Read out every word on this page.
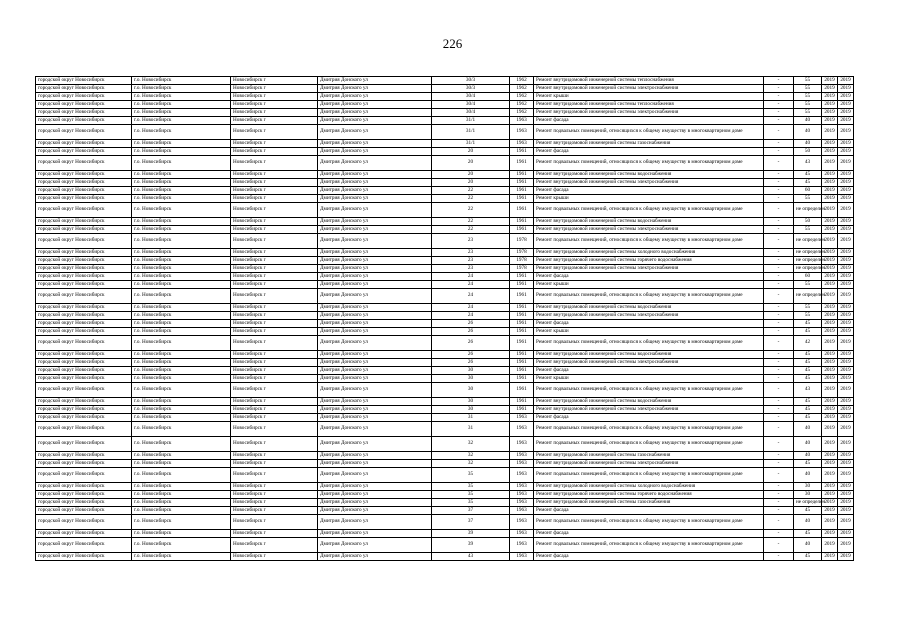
226
городской округ Новосибирск	г.о. Новосибирск	Новосибирск г	Дмитрия Донского ул	30/3	1962	Ремонт внутридомовой инженерной системы теплоснабжения	-	55	2019	2019
городской округ Новосибирск	г.о. Новосибирск	Новосибирск г	Дмитрия Донского ул	30/3	1962	Ремонт внутридомовой инженерной системы электроснабжения	-	55	2019	2019
городской округ Новосибирск	г.о. Новосибирск	Новосибирск г	Дмитрия Донского ул	30/4	1962	Ремонт крыши	-	55	2019	2019
городской округ Новосибирск	г.о. Новосибирск	Новосибирск г	Дмитрия Донского ул	30/4	1962	Ремонт внутридомовой инженерной системы теплоснабжения	-	55	2019	2019
городской округ Новосибирск	г.о. Новосибирск	Новосибирск г	Дмитрия Донского ул	30/4	1962	Ремонт внутридомовой инженерной системы электроснабжения	-	55	2019	2019
городской округ Новосибирск	г.о. Новосибирск	Новосибирск г	Дмитрия Донского ул	31/1	1963	Ремонт фасада	-	40	2019	2019
городской округ Новосибирск	г.о. Новосибирск	Новосибирск г	Дмитрия Донского ул	31/1	1963	Ремонт подвальных помещений, относящихся к общему имуществу в многоквартирном доме	-	40	2019	2019
городской округ Новосибирск	г.о. Новосибирск	Новосибирск г	Дмитрия Донского ул	31/1	1963	Ремонт внутридомовой инженерной системы газоснабжения	-	40	2019	2019
городской округ Новосибирск	г.о. Новосибирск	Новосибирск г	Дмитрия Донского ул	20	1961	Ремонт фасада	-	50	2019	2019
городской округ Новосибирск	г.о. Новосибирск	Новосибирск г	Дмитрия Донского ул	20	1961	Ремонт подвальных помещений, относящихся к общему имуществу в многоквартирном доме	-	43	2019	2019
городской округ Новосибирск	г.о. Новосибирск	Новосибирск г	Дмитрия Донского ул	20	1961	Ремонт внутридомовой инженерной системы водоснабжения	-	45	2019	2019
городской округ Новосибирск	г.о. Новосибирск	Новосибирск г	Дмитрия Донского ул	20	1961	Ремонт внутридомовой инженерной системы электроснабжения	-	45	2019	2019
городской округ Новосибирск	г.о. Новосибирск	Новосибирск г	Дмитрия Донского ул	22	1961	Ремонт фасада	-	60	2019	2019
городской округ Новосибирск	г.о. Новосибирск	Новосибирск г	Дмитрия Донского ул	22	1961	Ремонт крыши	-	55	2019	2019
городской округ Новосибирск	г.о. Новосибирск	Новосибирск г	Дмитрия Донского ул	22	1961	Ремонт подвальных помещений, относящихся к общему имуществу в многоквартирном доме	-	не определен	2019	2019
городской округ Новосибирск	г.о. Новосибирск	Новосибирск г	Дмитрия Донского ул	22	1961	Ремонт внутридомовой инженерной системы водоснабжения	-	50	2019	2019
городской округ Новосибирск	г.о. Новосибирск	Новосибирск г	Дмитрия Донского ул	22	1961	Ремонт внутридомовой инженерной системы электроснабжения	-	55	2019	2019
городской округ Новосибирск	г.о. Новосибирск	Новосибирск г	Дмитрия Донского ул	23	1978	Ремонт подвальных помещений, относящихся к общему имуществу в многоквартирном доме	-	не определен	2019	2019
городской округ Новосибирск	г.о. Новосибирск	Новосибирск г	Дмитрия Донского ул	23	1978	Ремонт внутридомовой инженерной системы холодного водоснабжения	-	не определен	2019	2019
городской округ Новосибирск	г.о. Новосибирск	Новосибирск г	Дмитрия Донского ул	23	1978	Ремонт внутридомовой инженерной системы горячего водоснабжения	-	не определен	2019	2019
городской округ Новосибирск	г.о. Новосибирск	Новосибирск г	Дмитрия Донского ул	23	1978	Ремонт внутридомовой инженерной системы электроснабжения	-	не определен	2019	2019
городской округ Новосибирск	г.о. Новосибирск	Новосибирск г	Дмитрия Донского ул	24	1961	Ремонт фасада	-	60	2019	2019
городской округ Новосибирск	г.о. Новосибирск	Новосибирск г	Дмитрия Донского ул	24	1961	Ремонт крыши	-	55	2019	2019
городской округ Новосибирск	г.о. Новосибирск	Новосибирск г	Дмитрия Донского ул	24	1961	Ремонт подвальных помещений, относящихся к общему имуществу в многоквартирном доме	-	не определен	2019	2019
городской округ Новосибирск	г.о. Новосибирск	Новосибирск г	Дмитрия Донского ул	24	1961	Ремонт внутридомовой инженерной системы водоснабжения	-	55	2019	2019
городской округ Новосибирск	г.о. Новосибирск	Новосибирск г	Дмитрия Донского ул	24	1961	Ремонт внутридомовой инженерной системы электроснабжения	-	55	2019	2019
городской округ Новосибирск	г.о. Новосибирск	Новосибирск г	Дмитрия Донского ул	26	1961	Ремонт фасада	-	45	2019	2019
городской округ Новосибирск	г.о. Новосибирск	Новосибирск г	Дмитрия Донского ул	26	1961	Ремонт крыши	-	45	2019	2019
городской округ Новосибирск	г.о. Новосибирск	Новосибирск г	Дмитрия Донского ул	26	1961	Ремонт подвальных помещений, относящихся к общему имуществу в многоквартирном доме	-	42	2019	2019
городской округ Новосибирск	г.о. Новосибирск	Новосибирск г	Дмитрия Донского ул	26	1961	Ремонт внутридомовой инженерной системы водоснабжения	-	45	2019	2019
городской округ Новосибирск	г.о. Новосибирск	Новосибирск г	Дмитрия Донского ул	26	1961	Ремонт внутридомовой инженерной системы электроснабжения	-	45	2019	2019
городской округ Новосибирск	г.о. Новосибирск	Новосибирск г	Дмитрия Донского ул	30	1961	Ремонт фасада	-	45	2019	2019
городской округ Новосибирск	г.о. Новосибирск	Новосибирск г	Дмитрия Донского ул	30	1961	Ремонт крыши	-	45	2019	2019
городской округ Новосибирск	г.о. Новосибирск	Новосибирск г	Дмитрия Донского ул	30	1961	Ремонт подвальных помещений, относящихся к общему имуществу в многоквартирном доме	-	43	2019	2019
городской округ Новосибирск	г.о. Новосибирск	Новосибирск г	Дмитрия Донского ул	30	1961	Ремонт внутридомовой инженерной системы водоснабжения	-	45	2019	2019
городской округ Новосибирск	г.о. Новосибирск	Новосибирск г	Дмитрия Донского ул	30	1961	Ремонт внутридомовой инженерной системы электроснабжения	-	45	2019	2019
городской округ Новосибирск	г.о. Новосибирск	Новосибирск г	Дмитрия Донского ул	31	1963	Ремонт фасада	-	45	2019	2019
городской округ Новосибирск	г.о. Новосибирск	Новосибирск г	Дмитрия Донского ул	31	1963	Ремонт подвальных помещений, относящихся к общему имуществу в многоквартирном доме	-	40	2019	2019
городской округ Новосибирск	г.о. Новосибирск	Новосибирск г	Дмитрия Донского ул	32	1963	Ремонт подвальных помещений, относящихся к общему имуществу в многоквартирном доме	-	40	2019	2019
городской округ Новосибирск	г.о. Новосибирск	Новосибирск г	Дмитрия Донского ул	32	1963	Ремонт внутридомовой инженерной системы газоснабжения	-	40	2019	2019
городской округ Новосибирск	г.о. Новосибирск	Новосибирск г	Дмитрия Донского ул	32	1963	Ремонт внутридомовой инженерной системы электроснабжения	-	45	2019	2019
городской округ Новосибирск	г.о. Новосибирск	Новосибирск г	Дмитрия Донского ул	35	1963	Ремонт подвальных помещений, относящихся к общему имуществу в многоквартирном доме	-	40	2019	2019
городской округ Новосибирск	г.о. Новосибирск	Новосибирск г	Дмитрия Донского ул	35	1963	Ремонт внутридомовой инженерной системы холодного водоснабжения	-	30	2019	2019
городской округ Новосибирск	г.о. Новосибирск	Новосибирск г	Дмитрия Донского ул	35	1963	Ремонт внутридомовой инженерной системы горячего водоснабжения	-	30	2019	2019
городской округ Новосибирск	г.о. Новосибирск	Новосибирск г	Дмитрия Донского ул	35	1963	Ремонт внутридомовой инженерной системы газоснабжения	-	не определен	2019	2019
городской округ Новосибирск	г.о. Новосибирск	Новосибирск г	Дмитрия Донского ул	37	1963	Ремонт фасада	-	45	2019	2019
городской округ Новосибирск	г.о. Новосибирск	Новосибирск г	Дмитрия Донского ул	37	1963	Ремонт подвальных помещений, относящихся к общему имуществу в многоквартирном доме	-	40	2019	2019
городской округ Новосибирск	г.о. Новосибирск	Новосибирск г	Дмитрия Донского ул	39	1963	Ремонт фасада	-	45	2019	2019
городской округ Новосибирск	г.о. Новосибирск	Новосибирск г	Дмитрия Донского ул	39	1963	Ремонт подвальных помещений, относящихся к общему имуществу в многоквартирном доме	-	40	2019	2019
городской округ Новосибирск	г.о. Новосибирск	Новосибирск г	Дмитрия Донского ул	43	1963	Ремонт фасада	-	45	2019	2019
